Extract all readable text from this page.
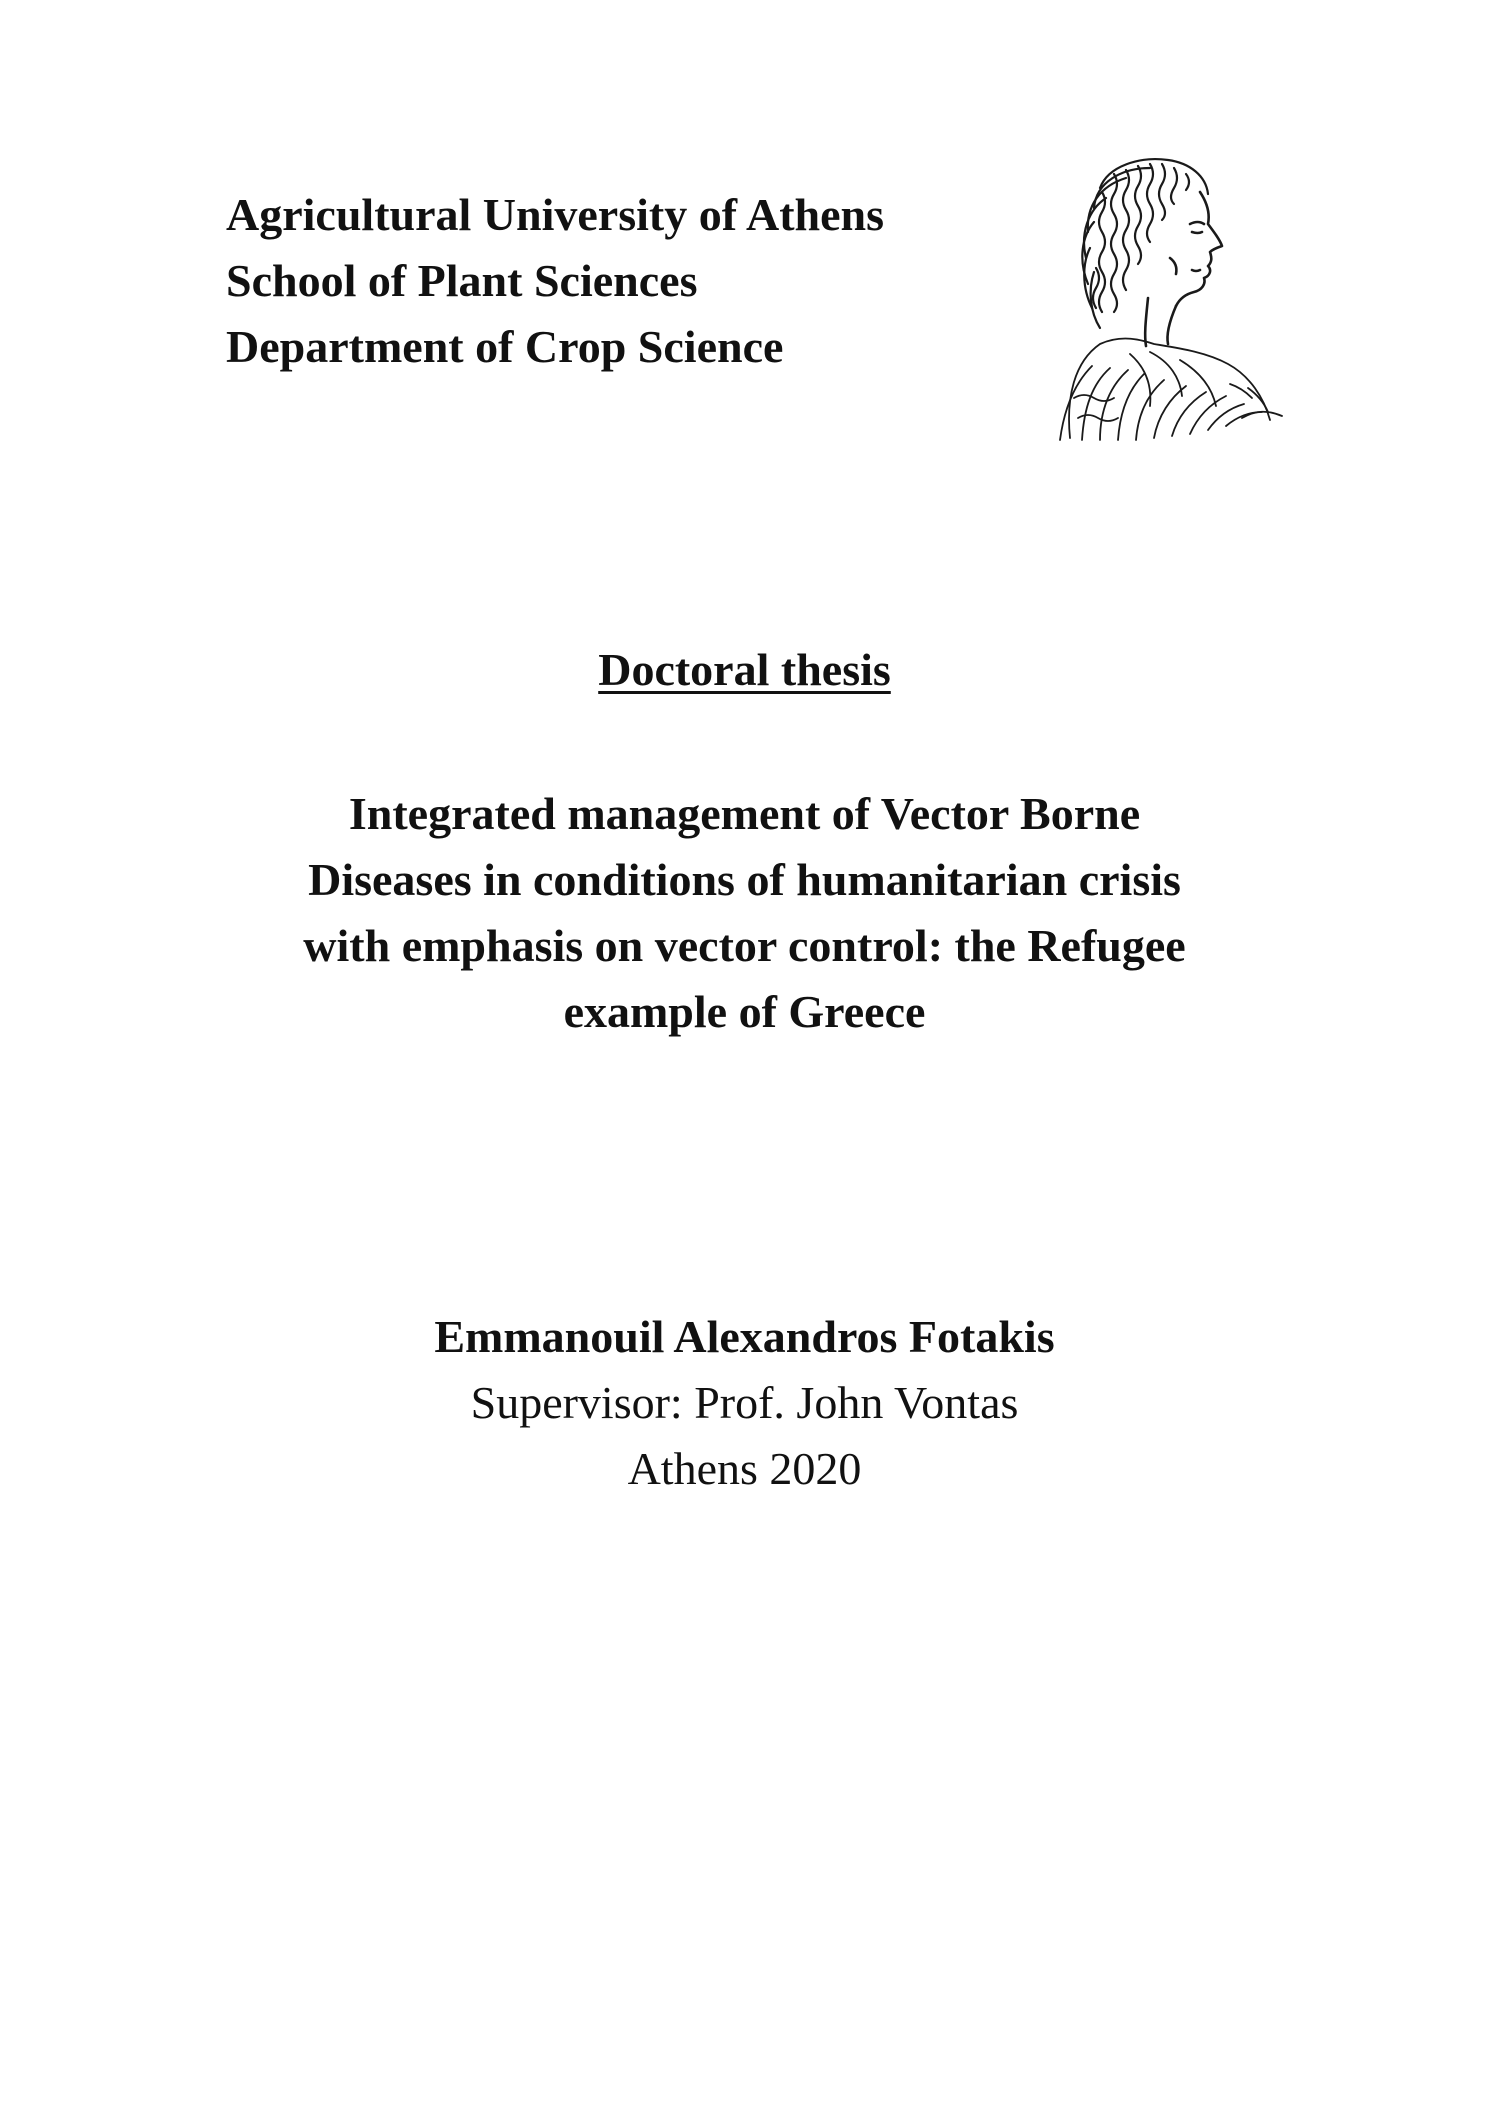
Agricultural University of Athens
School of Plant Sciences
Department of Crop Science
Doctoral thesis
Integrated management of Vector Borne
Diseases in conditions of humanitarian crisis
with emphasis on vector control: the Refugee
example of Greece
Emmanouil Alexandros Fotakis
Supervisor: Prof. John Vontas
Athens 2020
